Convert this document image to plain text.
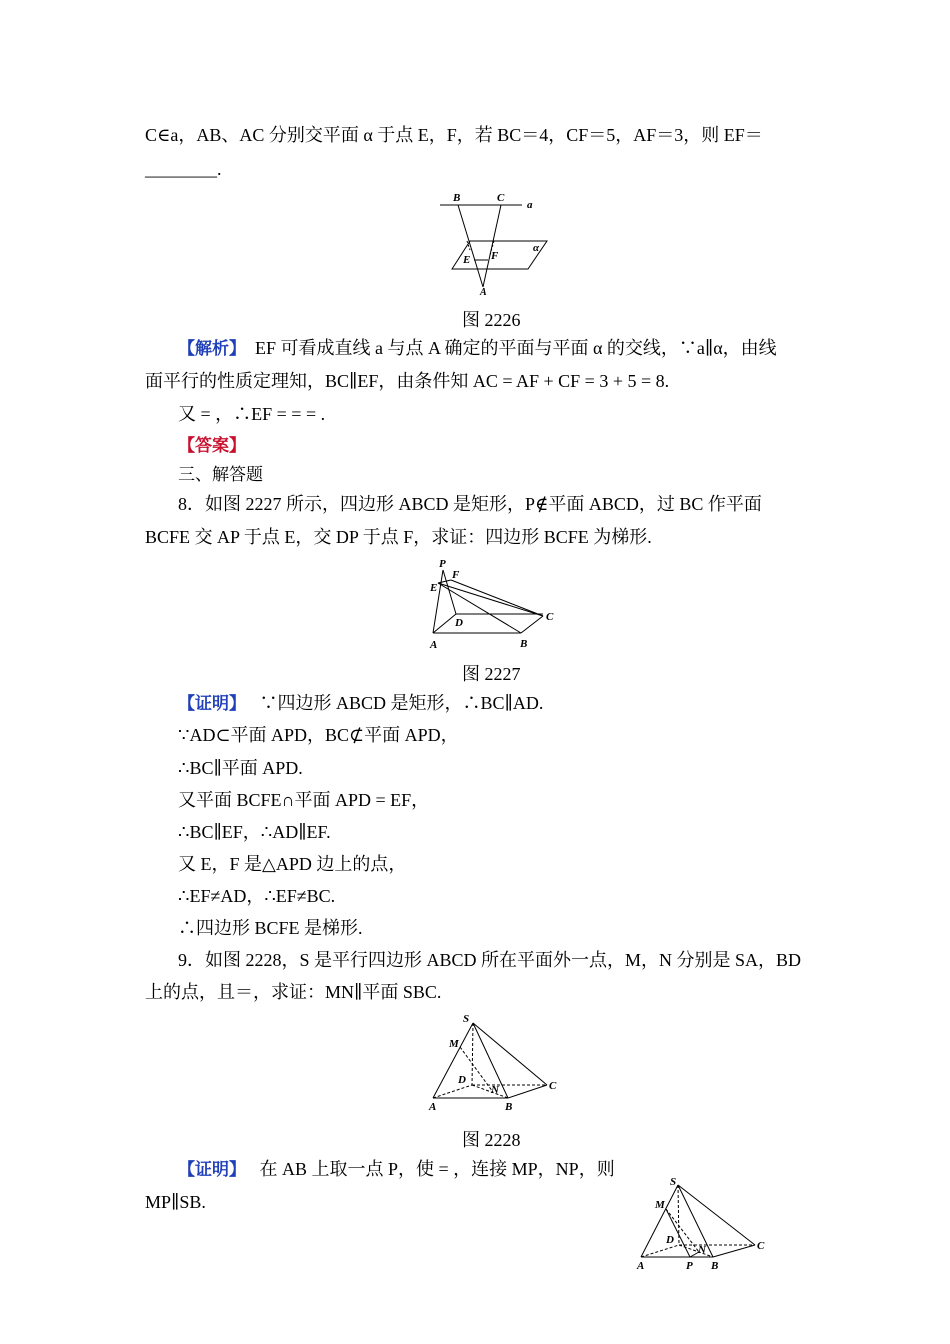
C∈a，AB、AC 分别交平面 α 于点 E，F，若 BC＝4，CF＝5，AF＝3，则 EF＝
________.
B	C
a
α
E F
A
图 2226
【解析】 EF 可看成直线 a 与点 A 确定的平面与平面 α 的交线，∵a∥α，由线
面平行的性质定理知，BC∥EF，由条件知 AC = AF + CF = 3 + 5 = 8.
又 = ，∴EF = = = .
【答案】
三、解答题
8．如图 2227 所示，四边形 ABCD 是矩形，P∉平面 ABCD，过 BC 作平面
BCFE 交 AP 于点 E，交 DP 于点 F，求证：四边形 BCFE 为梯形.
P
F
E
D	C
A	B
图 2227
【证明】 ∵四边形 ABCD 是矩形，∴BC∥AD.
∵AD⊂平面 APD，BC⊄平面 APD，
∴BC∥平面 APD.
又平面 BCFE∩平面 APD = EF，
∴BC∥EF，∴AD∥EF.
又 E，F 是△APD 边上的点，
∴EF≠AD，∴EF≠BC.
∴四边形 BCFE 是梯形.
9．如图 2228，S 是平行四边形 ABCD 所在平面外一点，M，N 分别是 SA，BD
上的点，且＝，求证：MN∥平面 SBC.
S
M
D
N	C
A	B
图 2228
【证明】 在 AB 上取一点 P，使 = ，连接 MP，NP，则
MP∥SB.
S
M
D
N	C
A	P B
